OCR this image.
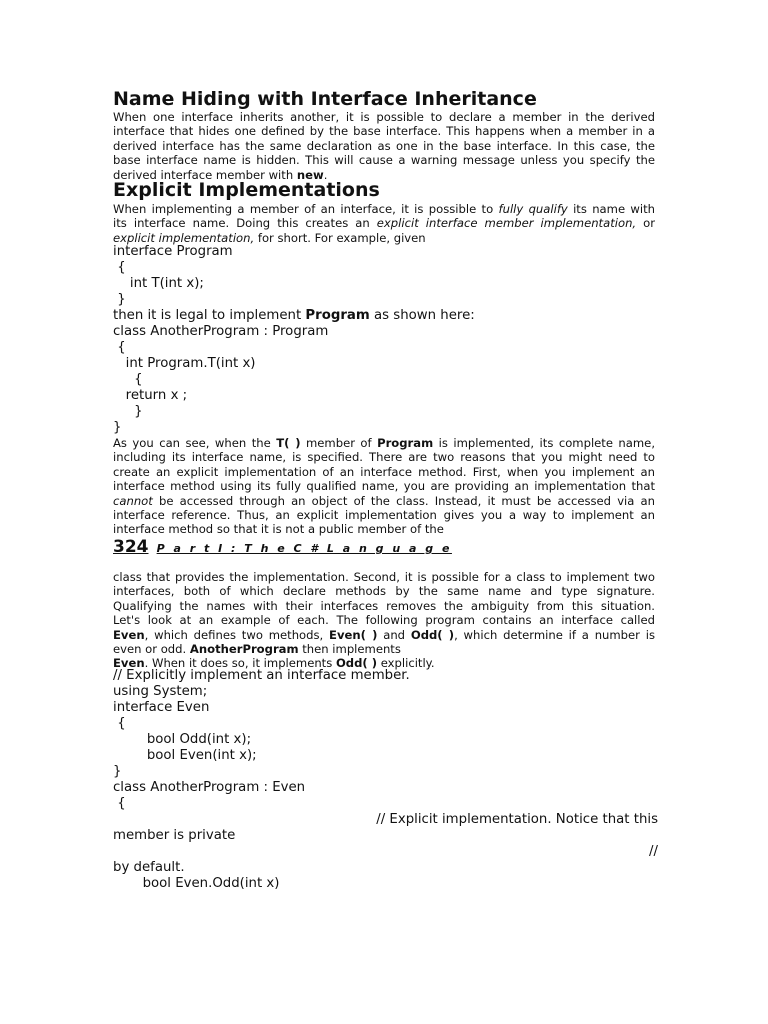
Name Hiding with Interface Inheritance
When one interface inherits another, it is possible to declare a member in the derived
interface that hides one defined by the base interface. This happens when a member in a
derived interface has the same declaration as one in the base interface. In this case, the
base interface name is hidden. This will cause a warning message unless you specify the
derived interface member with new.
Explicit Implementations
When implementing a member of an interface, it is possible to fully qualify its name with
its interface name. Doing this creates an explicit interface member implementation, or
explicit implementation, for short. For example, given
interface Program
{
int T(int x);
}
then it is legal to implement Program as shown here:
class AnotherProgram : Program
{
int Program.T(int x)
{
return x ;
}
}
As you can see, when the T( ) member of Program is implemented, its complete name,
including its interface name, is specified. There are two reasons that you might need to
create an explicit implementation of an interface method. First, when you implement an
interface method using its fully qualified name, you are providing an implementation that
cannot be accessed through an object of the class. Instead, it must be accessed via an
interface reference. Thus, an explicit implementation gives you a way to implement an
interface method so that it is not a public member of the
324 P a r t I : T h e C # L a n g u a g e
class that provides the implementation. Second, it is possible for a class to implement two
interfaces, both of which declare methods by the same name and type signature.
Qualifying the names with their interfaces removes the ambiguity from this situation.
Let's look at an example of each. The following program contains an interface called
Even, which defines two methods, Even( ) and Odd( ), which determine if a number is
even or odd. AnotherProgram then implements
Even. When it does so, it implements Odd( ) explicitly.
// Explicitly implement an interface member.
using System;
interface Even
{
bool Odd(int x);
bool Even(int x);
}
class AnotherProgram : Even
{
// Explicit implementation. Notice that this
member is private
//
by default.
bool Even.Odd(int x)
